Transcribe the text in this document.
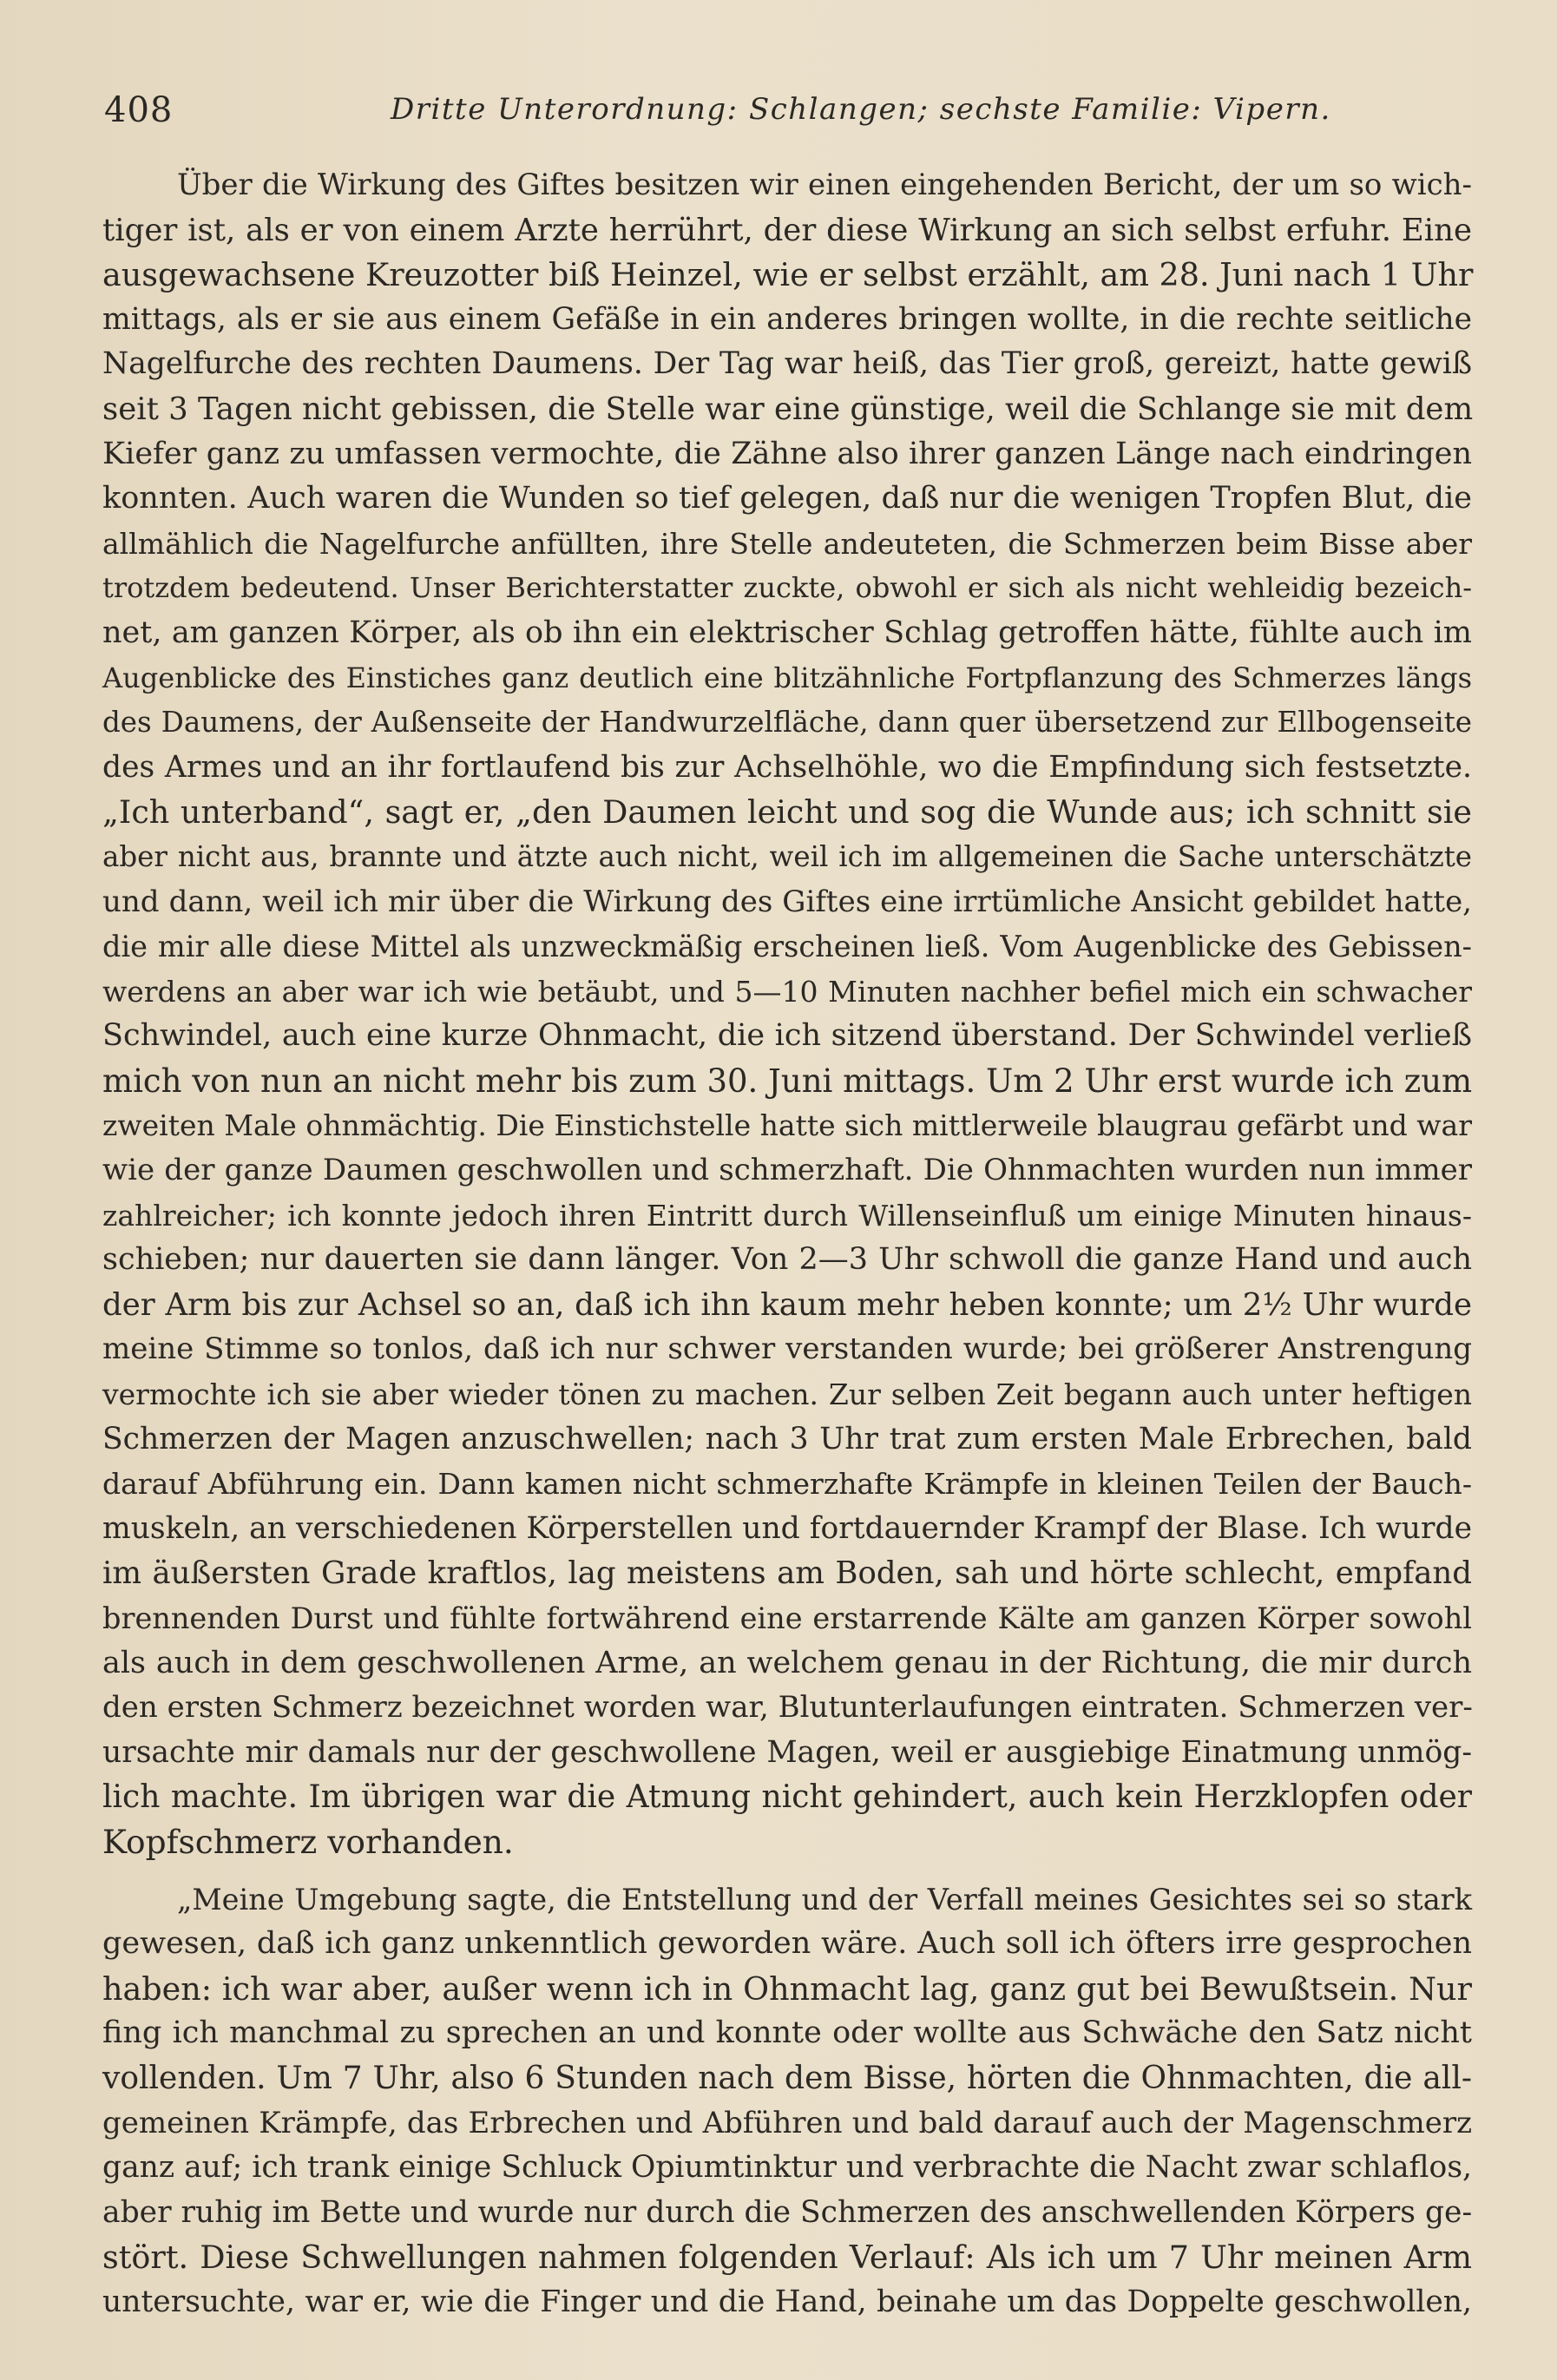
408	Dritte Unterordnung: Schlangen; sechste Familie: Vipern.
Über die Wirkung des Giftes besitzen wir einen eingehenden Bericht, der um so wich-
tiger ist, als er von einem Arzte herrührt, der diese Wirkung an sich selbst erfuhr. Eine
ausgewachsene Kreuzotter biß Heinzel, wie er selbst erzählt, am 28. Juni nach 1 Uhr
mittags, als er sie aus einem Gefäße in ein anderes bringen wollte, in die rechte seitliche
Nagelfurche des rechten Daumens. Der Tag war heiß, das Tier groß, gereizt, hatte gewiß
seit 3 Tagen nicht gebissen, die Stelle war eine günstige, weil die Schlange sie mit dem
Kiefer ganz zu umfassen vermochte, die Zähne also ihrer ganzen Länge nach eindringen
konnten. Auch waren die Wunden so tief gelegen, daß nur die wenigen Tropfen Blut, die
allmählich die Nagelfurche anfüllten, ihre Stelle andeuteten, die Schmerzen beim Bisse aber
trotzdem bedeutend. Unser Berichterstatter zuckte, obwohl er sich als nicht wehleidig bezeich-
net, am ganzen Körper, als ob ihn ein elektrischer Schlag getroffen hätte, fühlte auch im
Augenblicke des Einstiches ganz deutlich eine blitzähnliche Fortpflanzung des Schmerzes längs
des Daumens, der Außenseite der Handwurzelfläche, dann quer übersetzend zur Ellbogenseite
des Armes und an ihr fortlaufend bis zur Achselhöhle, wo die Empfindung sich festsetzte.
„Ich unterband“, sagt er, „den Daumen leicht und sog die Wunde aus; ich schnitt sie
aber nicht aus, brannte und ätzte auch nicht, weil ich im allgemeinen die Sache unterschätzte
und dann, weil ich mir über die Wirkung des Giftes eine irrtümliche Ansicht gebildet hatte,
die mir alle diese Mittel als unzweckmäßig erscheinen ließ. Vom Augenblicke des Gebissen-
werdens an aber war ich wie betäubt, und 5—10 Minuten nachher befiel mich ein schwacher
Schwindel, auch eine kurze Ohnmacht, die ich sitzend überstand. Der Schwindel verließ
mich von nun an nicht mehr bis zum 30. Juni mittags. Um 2 Uhr erst wurde ich zum
zweiten Male ohnmächtig. Die Einstichstelle hatte sich mittlerweile blaugrau gefärbt und war
wie der ganze Daumen geschwollen und schmerzhaft. Die Ohnmachten wurden nun immer
zahlreicher; ich konnte jedoch ihren Eintritt durch Willenseinfluß um einige Minuten hinaus-
schieben; nur dauerten sie dann länger. Von 2—3 Uhr schwoll die ganze Hand und auch
der Arm bis zur Achsel so an, daß ich ihn kaum mehr heben konnte; um 2½ Uhr wurde
meine Stimme so tonlos, daß ich nur schwer verstanden wurde; bei größerer Anstrengung
vermochte ich sie aber wieder tönen zu machen. Zur selben Zeit begann auch unter heftigen
Schmerzen der Magen anzuschwellen; nach 3 Uhr trat zum ersten Male Erbrechen, bald
darauf Abführung ein. Dann kamen nicht schmerzhafte Krämpfe in kleinen Teilen der Bauch-
muskeln, an verschiedenen Körperstellen und fortdauernder Krampf der Blase. Ich wurde
im äußersten Grade kraftlos, lag meistens am Boden, sah und hörte schlecht, empfand
brennenden Durst und fühlte fortwährend eine erstarrende Kälte am ganzen Körper sowohl
als auch in dem geschwollenen Arme, an welchem genau in der Richtung, die mir durch
den ersten Schmerz bezeichnet worden war, Blutunterlaufungen eintraten. Schmerzen ver-
ursachte mir damals nur der geschwollene Magen, weil er ausgiebige Einatmung unmög-
lich machte. Im übrigen war die Atmung nicht gehindert, auch kein Herzklopfen oder
Kopfschmerz vorhanden.
„Meine Umgebung sagte, die Entstellung und der Verfall meines Gesichtes sei so stark
gewesen, daß ich ganz unkenntlich geworden wäre. Auch soll ich öfters irre gesprochen
haben: ich war aber, außer wenn ich in Ohnmacht lag, ganz gut bei Bewußtsein. Nur
fing ich manchmal zu sprechen an und konnte oder wollte aus Schwäche den Satz nicht
vollenden. Um 7 Uhr, also 6 Stunden nach dem Bisse, hörten die Ohnmachten, die all-
gemeinen Krämpfe, das Erbrechen und Abführen und bald darauf auch der Magenschmerz
ganz auf; ich trank einige Schluck Opiumtinktur und verbrachte die Nacht zwar schlaflos,
aber ruhig im Bette und wurde nur durch die Schmerzen des anschwellenden Körpers ge-
stört. Diese Schwellungen nahmen folgenden Verlauf: Als ich um 7 Uhr meinen Arm
untersuchte, war er, wie die Finger und die Hand, beinahe um das Doppelte geschwollen,
